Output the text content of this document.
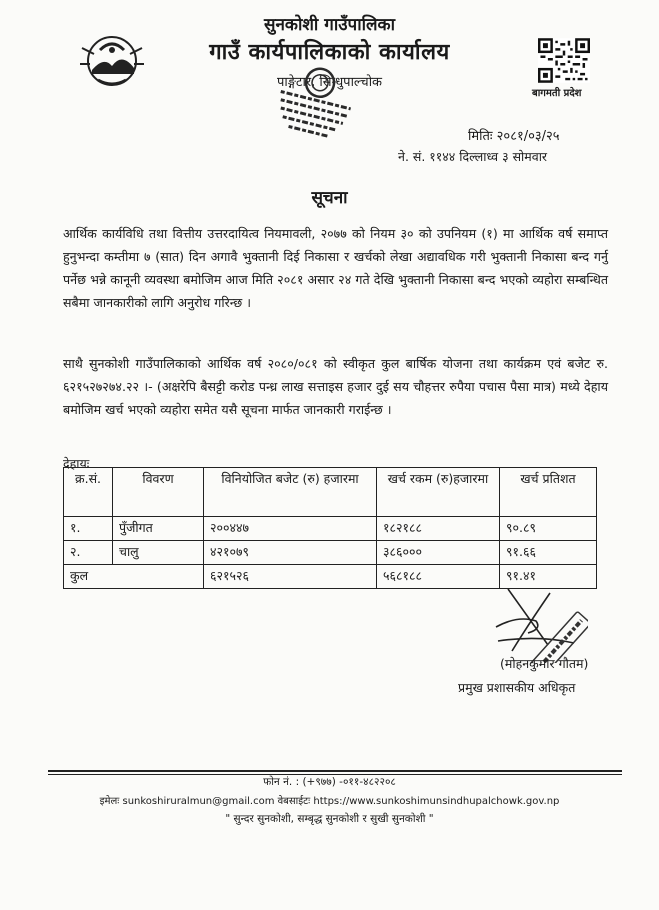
सुनकोशी गाउँपालिका
गाउँ कार्यपालिकाको कार्यालय
पाङ्गेटार, सिन्धुपाल्चोक
बागमती प्रदेश
मितिः २०८१/०३/२५
ने. सं. ११४४ दिल्लाध्व ३ सोमवार
सूचना
आर्थिक कार्यविधि तथा वित्तीय उत्तरदायित्व नियमावली, २०७७ को नियम ३० को उपनियम (१) मा आर्थिक वर्ष समाप्त हुनुभन्दा कम्तीमा ७ (सात) दिन अगावै भुक्तानी दिई निकासा र खर्चको लेखा अद्यावधिक गरी भुक्तानी निकासा बन्द गर्नु पर्नेछ भन्ने कानूनी व्यवस्था बमोजिम आज मिति २०८१ असार २४ गते देखि भुक्तानी निकासा बन्द भएको व्यहोरा सम्बन्धित सबैमा जानकारीको लागि अनुरोध गरिन्छ ।
साथै सुनकोशी गाउँपालिकाको आर्थिक वर्ष २०८०/०८१ को स्वीकृत कुल बार्षिक योजना तथा कार्यक्रम एवं बजेट रु. ६२१५२७२७४.२२ ।- (अक्षरेपि बैसट्टी करोड पन्ध्र लाख सत्ताइस हजार दुई सय चौहत्तर रुपैया पचास पैसा मात्र) मध्ये देहाय बमोजिम खर्च भएको व्यहोरा समेत यसै सूचना मार्फत जानकारी गराईन्छ ।
देहायः
क्र.सं.	विवरण	विनियोजित बजेट (रु) हजारमा	खर्च रकम (रु)हजारमा	खर्च प्रतिशत
१.	पुँजीगत	२००४४७	१८२१८८	९०.८९
२.	चालु	४२१०७९	३८६०००	९१.६६
कुल		६२१५२६	५६८१८८	९१.४१
(मोहनकुमार गौतम)
प्रमुख प्रशासकीय अधिकृत
फोन नं. : (+९७७) -०११-४८२२०८
इमेलः sunkoshiruralmun@gmail.com वेबसाईटः https://www.sunkoshimunsindhupalchowk.gov.np
" सुन्दर सुनकोशी, सम्बृद्ध सुनकोशी र सुखी सुनकोशी "
